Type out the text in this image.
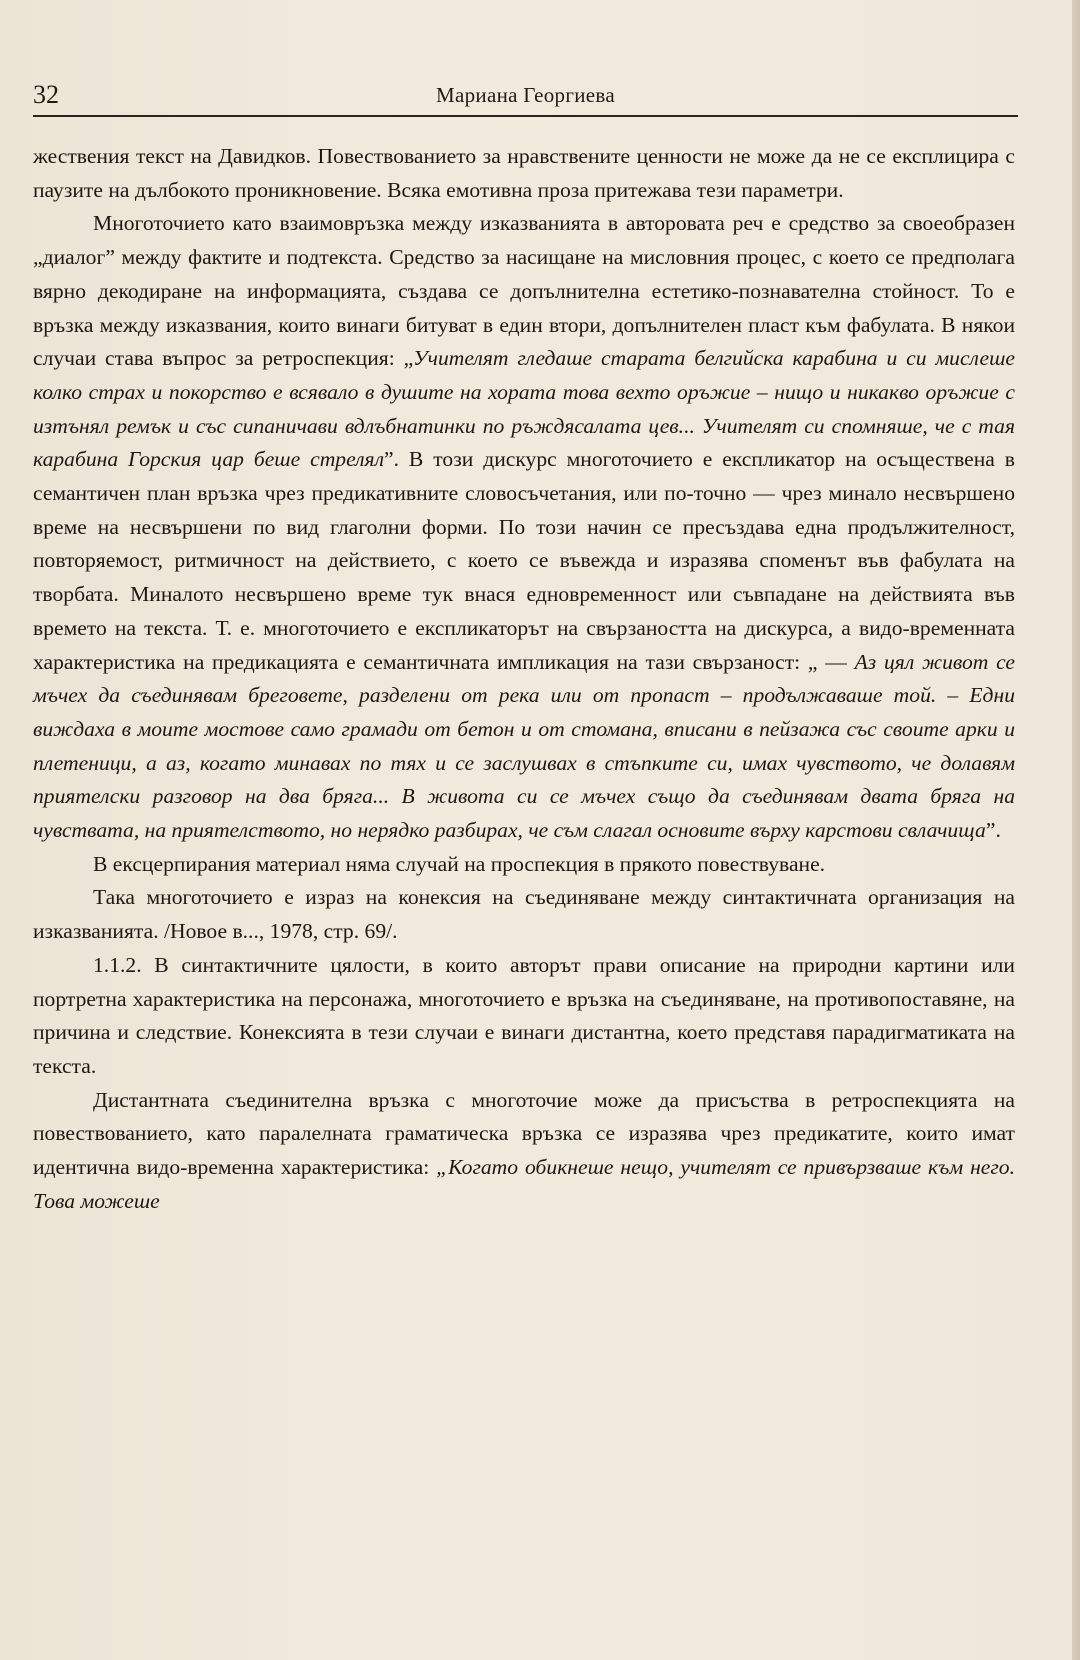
32	Мариана Георгиева

жествения текст на Давидков. Повествованието за нравствените ценности не може да не се експлицира с паузите на дълбокото проникновение. Всяка емотивна проза притежава тези параметри.

Многоточието като взаимовръзка между изказванията в авторовата реч е средство за своеобразен „диалог” между фактите и подтекста. Средство за насищане на мисловния процес, с което се предполага вярно декодиране на информацията, създава се допълнителна естетико-познавателна стойност. То е връзка между изказвания, които винаги битуват в един втори, допълнителен пласт към фабулата. В някои случаи става въпрос за ретроспекция: „Учителят гледаше старата белгийска карабина и си мислеше колко страх и покорство е всявало в душите на хората това вехто оръжие – нищо и никакво оръжие с изтънял ремък и със сипаничави вдлъбнатинки по ръждясалата цев... Учителят си спомняше, че с тая карабина Горския цар беше стрелял”. В този дискурс многоточието е експликатор на осъществена в семантичен план връзка чрез предикативните словосъчетания, или по-точно — чрез минало несвършено време на несвършени по вид глаголни форми. По този начин се пресъздава една продължителност, повторяемост, ритмичност на действието, с което се въвежда и изразява споменът във фабулата на творбата. Миналото несвършено време тук внася едновременност или съвпадане на действията във времето на текста. Т. е. многоточието е експликаторът на свързаността на дискурса, а видо-временната характеристика на предикацията е семантичната импликация на тази свързаност: „ — Аз цял живот се мъчех да съединявам бреговете, разделени от река или от пропаст – продължаваше той. – Едни виждаха в моите мостове само грамади от бетон и от стомана, вписани в пейзажа със своите арки и плетеници, а аз, когато минавах по тях и се заслушвах в стъпките си, имах чувството, че долавям приятелски разговор на два бряга... В живота си се мъчех също да съединявам двата бряга на чувствата, на приятелството, но нерядко разбирах, че съм слагал основите върху карстови свлачища”.

В ексцерпирания материал няма случай на проспекция в прякото повествуване.

Така многоточието е израз на конексия на съединяване между синтактичната организация на изказванията. /Новое в..., 1978, стр. 69/.

1.1.2. В синтактичните цялости, в които авторът прави описание на природни картини или портретна характеристика на персонажа, многоточието е връзка на съединяване, на противопоставяне, на причина и следствие. Конексията в тези случаи е винаги дистантна, което представя парадигматиката на текста.

Дистантната съединителна връзка с многоточие може да присъства в ретроспекцията на повествованието, като паралелната граматическа връзка се изразява чрез предикатите, които имат идентична видо-временна характеристика: „Когато обикнеше нещо, учителят се привързваше към него. Това можеше
